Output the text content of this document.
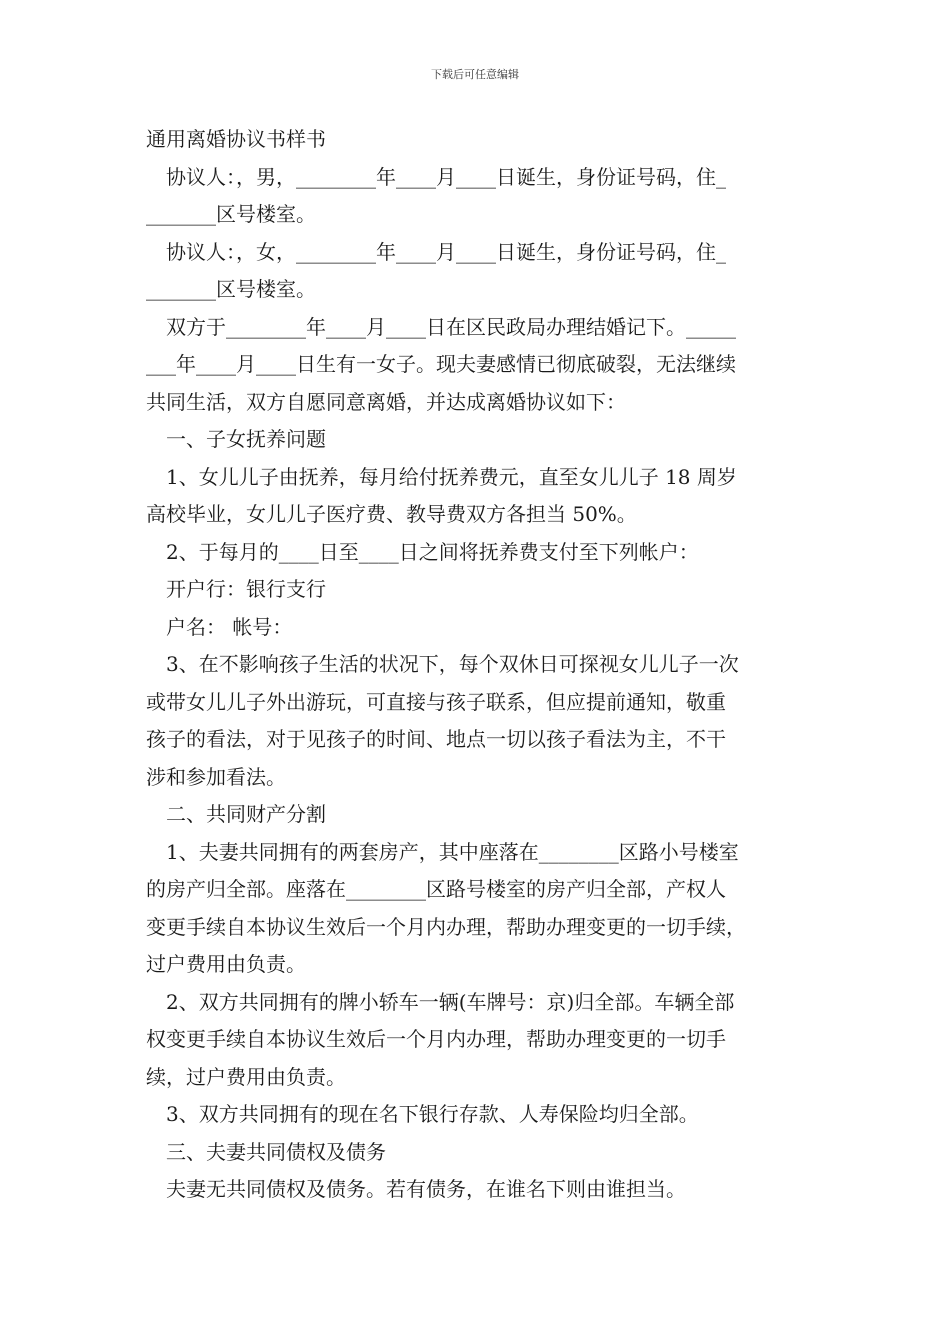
下载后可任意编辑
通用离婚协议书样书
协议人：，男，________年____月____日诞生，身份证号码，住_
_______区号楼室。
协议人：，女，________年____月____日诞生，身份证号码，住_
_______区号楼室。
双方于________年____月____日在区民政局办理结婚记下。_____
___年____月____日生有一女子。现夫妻感情已彻底破裂，无法继续
共同生活，双方自愿同意离婚，并达成离婚协议如下：
一、子女抚养问题
1、女儿儿子由抚养，每月给付抚养费元，直至女儿儿子 18 周岁
高校毕业，女儿儿子医疗费、教导费双方各担当 50%。
2、于每月的____日至____日之间将抚养费支付至下列帐户：
开户行：银行支行
户名： 帐号：
3、在不影响孩子生活的状况下，每个双休日可探视女儿儿子一次
或带女儿儿子外出游玩，可直接与孩子联系，但应提前通知，敬重
孩子的看法，对于见孩子的时间、地点一切以孩子看法为主，不干
涉和参加看法。
二、共同财产分割
1、夫妻共同拥有的两套房产，其中座落在________区路小号楼室
的房产归全部。座落在________区路号楼室的房产归全部，产权人
变更手续自本协议生效后一个月内办理，帮助办理变更的一切手续，
过户费用由负责。
2、双方共同拥有的牌小轿车一辆(车牌号：京)归全部。车辆全部
权变更手续自本协议生效后一个月内办理，帮助办理变更的一切手
续，过户费用由负责。
3、双方共同拥有的现在名下银行存款、人寿保险均归全部。
三、夫妻共同债权及债务
夫妻无共同债权及债务。若有债务，在谁名下则由谁担当。
